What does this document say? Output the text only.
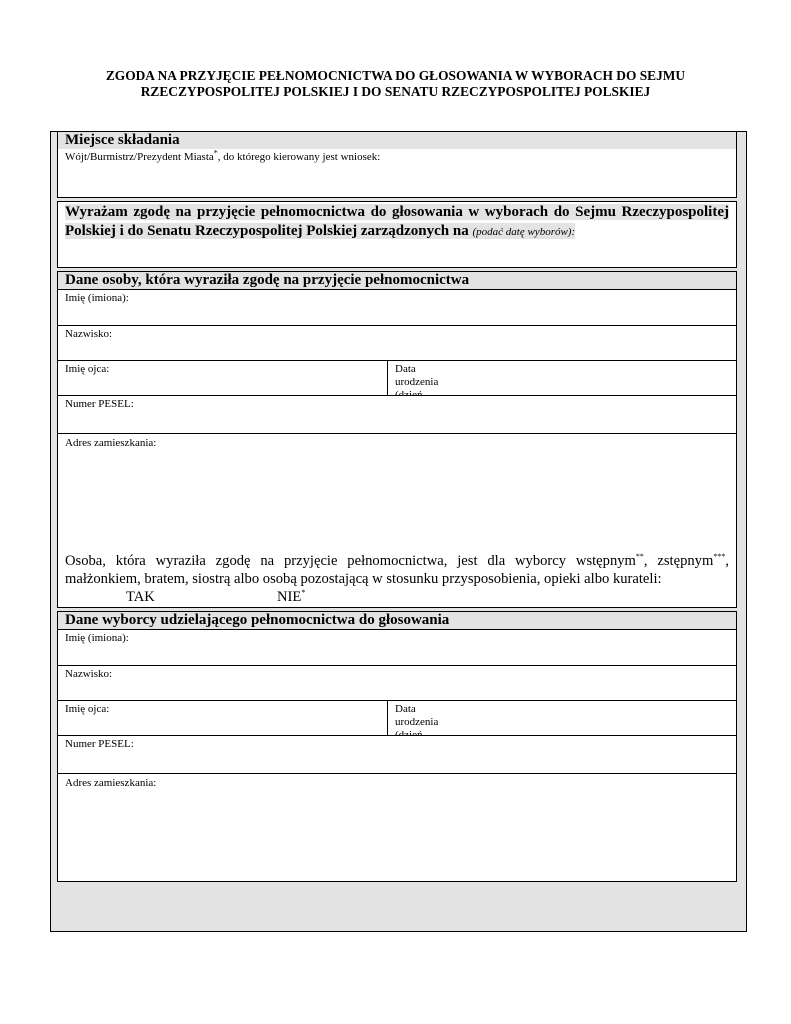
ZGODA NA PRZYJĘCIE PEŁNOMOCNICTWA DO GŁOSOWANIA W WYBORACH DO SEJMU
RZECZYPOSPOLITEJ POLSKIEJ I DO SENATU RZECZYPOSPOLITEJ POLSKIEJ
Miejsce składania
Wójt/Burmistrz/Prezydent Miasta*, do którego kierowany jest wniosek:
Wyrażam zgodę na przyjęcie pełnomocnictwa do głosowania w wyborach do Sejmu Rzeczypospolitej Polskiej i do Senatu Rzeczypospolitej Polskiej zarządzonych na (podać datę wyborów):
Dane osoby, która wyraziła zgodę na przyjęcie pełnomocnictwa
Imię (imiona):
Nazwisko:
Imię ojca:	Data urodzenia
Numer PESEL:
Adres zamieszkania:
Osoba, która wyraziła zgodę na przyjęcie pełnomocnictwa, jest dla wyborcy wstępnym**, zstępnym***, małżonkiem, bratem, siostrą albo osobą pozostającą w stosunku przysposobienia, opieki albo kurateli:
TAK	NIE*
Dane wyborcy udzielającego pełnomocnictwa do głosowania
Imię (imiona):
Nazwisko:
Imię ojca:	Data urodzenia
Numer PESEL:
Adres zamieszkania:
